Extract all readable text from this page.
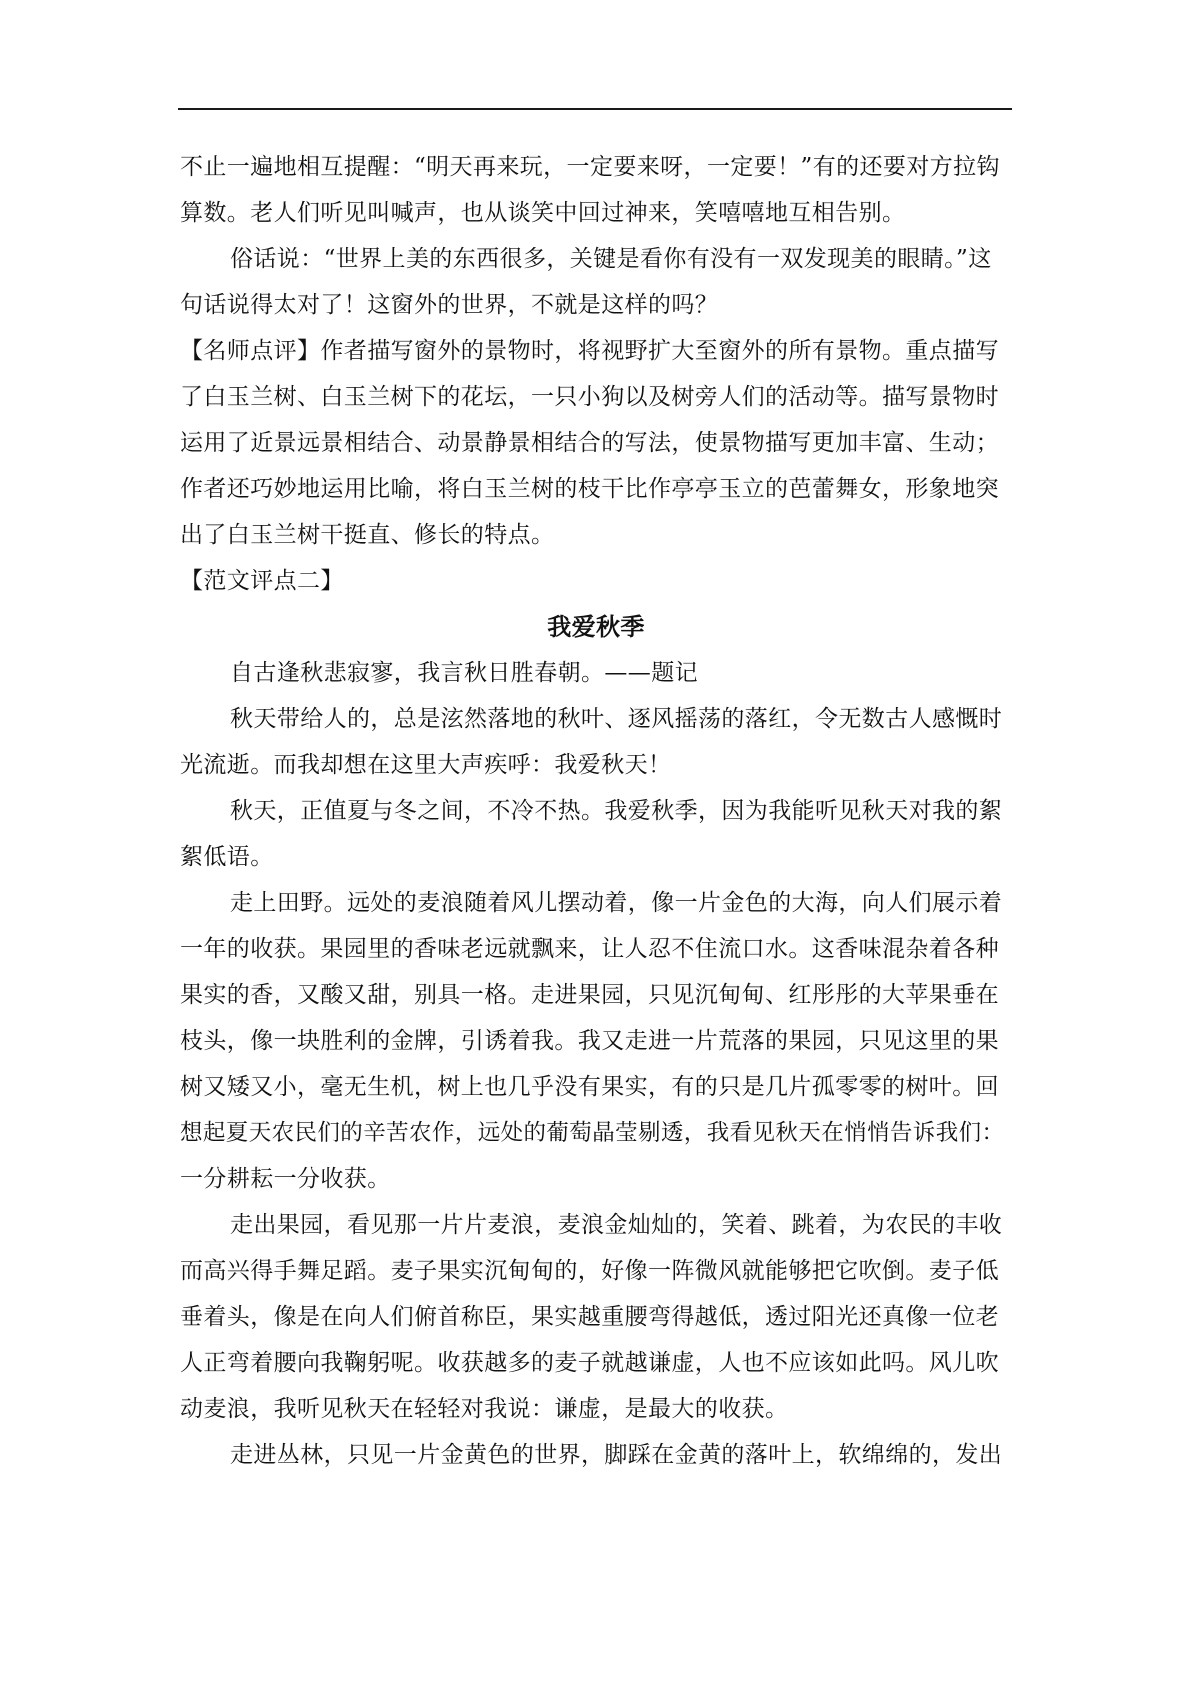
不止一遍地相互提醒：“明天再来玩，一定要来呀，一定要！”有的还要对方拉钩
算数。老人们听见叫喊声，也从谈笑中回过神来，笑嘻嘻地互相告别。
俗话说：“世界上美的东西很多，关键是看你有没有一双发现美的眼睛。”这
句话说得太对了！这窗外的世界，不就是这样的吗？
【名师点评】作者描写窗外的景物时，将视野扩大至窗外的所有景物。重点描写
了白玉兰树、白玉兰树下的花坛，一只小狗以及树旁人们的活动等。描写景物时
运用了近景远景相结合、动景静景相结合的写法，使景物描写更加丰富、生动；
作者还巧妙地运用比喻，将白玉兰树的枝干比作亭亭玉立的芭蕾舞女，形象地突
出了白玉兰树干挺直、修长的特点。
【范文评点二】
我爱秋季
自古逢秋悲寂寥，我言秋日胜春朝。——题记
秋天带给人的，总是泫然落地的秋叶、逐风摇荡的落红，令无数古人感慨时
光流逝。而我却想在这里大声疾呼：我爱秋天！
秋天，正值夏与冬之间，不冷不热。我爱秋季，因为我能听见秋天对我的絮
絮低语。
走上田野。远处的麦浪随着风儿摆动着，像一片金色的大海，向人们展示着
一年的收获。果园里的香味老远就飘来，让人忍不住流口水。这香味混杂着各种
果实的香，又酸又甜，别具一格。走进果园，只见沉甸甸、红彤彤的大苹果垂在
枝头，像一块胜利的金牌，引诱着我。我又走进一片荒落的果园，只见这里的果
树又矮又小，毫无生机，树上也几乎没有果实，有的只是几片孤零零的树叶。回
想起夏天农民们的辛苦农作，远处的葡萄晶莹剔透，我看见秋天在悄悄告诉我们：
一分耕耘一分收获。
走出果园，看见那一片片麦浪，麦浪金灿灿的，笑着、跳着，为农民的丰收
而高兴得手舞足蹈。麦子果实沉甸甸的，好像一阵微风就能够把它吹倒。麦子低
垂着头，像是在向人们俯首称臣，果实越重腰弯得越低，透过阳光还真像一位老
人正弯着腰向我鞠躬呢。收获越多的麦子就越谦虚，人也不应该如此吗。风儿吹
动麦浪，我听见秋天在轻轻对我说：谦虚，是最大的收获。
走进丛林，只见一片金黄色的世界，脚踩在金黄的落叶上，软绵绵的，发出
